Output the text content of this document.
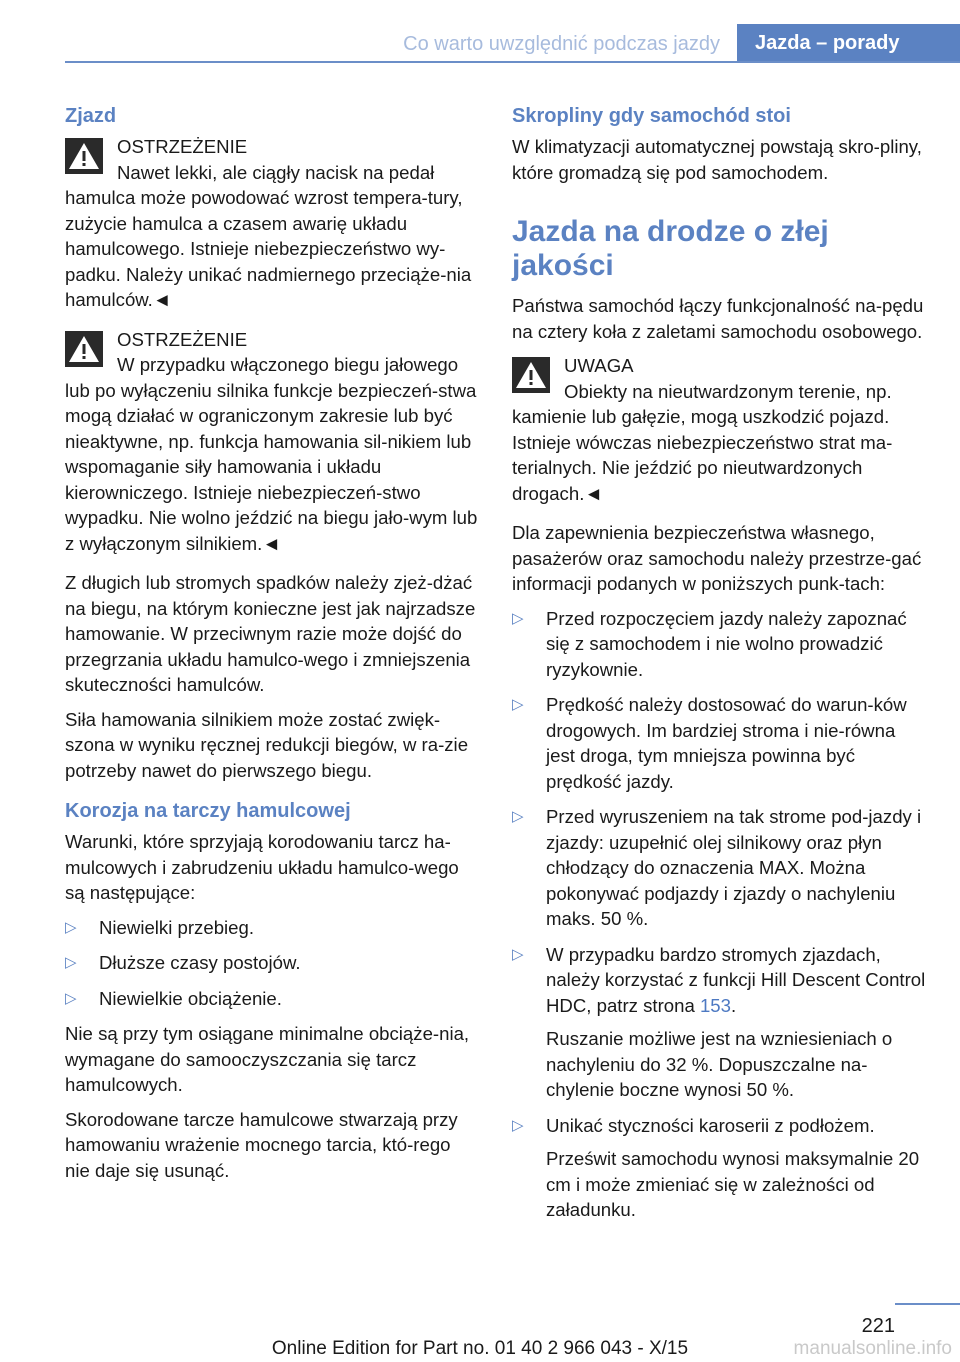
Co warto uwzględnić podczas jazdy	Jazda – porady
Zjazd
OSTRZEŻENIE
Nawet lekki, ale ciągły nacisk na pedał hamulca może powodować wzrost tempera-tury, zużycie hamulca a czasem awarię układu hamulcowego. Istnieje niebezpieczeństwo wy-padku. Należy unikać nadmiernego przeciąże-nia hamulców.◄
OSTRZEŻENIE
W przypadku włączonego biegu jałowego lub po wyłączeniu silnika funkcje bezpieczeń-stwa mogą działać w ograniczonym zakresie lub być nieaktywne, np. funkcja hamowania sil-nikiem lub wspomaganie siły hamowania i układu kierowniczego. Istnieje niebezpieczeń-stwo wypadku. Nie wolno jeździć na biegu jało-wym lub z wyłączonym silnikiem.◄

Z długich lub stromych spadków należy zjeż-dżać na biegu, na którym konieczne jest jak najrzadsze hamowanie. W przeciwnym razie może dojść do przegrzania układu hamulco-wego i zmniejszenia skuteczności hamulców.

Siła hamowania silnikiem może zostać zwięk-szona w wyniku ręcznej redukcji biegów, w ra-zie potrzeby nawet do pierwszego biegu.

Korozja na tarczy hamulcowej

Warunki, które sprzyjają korodowaniu tarcz ha-mulcowych i zabrudzeniu układu hamulco-wego są następujące:

▷ Niewielki przebieg.
▷ Dłuższe czasy postojów.
▷ Niewielkie obciążenie.

Nie są przy tym osiągane minimalne obciąże-nia, wymagane do samooczyszczania się tarcz hamulcowych.

Skorodowane tarcze hamulcowe stwarzają przy hamowaniu wrażenie mocnego tarcia, któ-rego nie daje się usunąć.

Skropliny gdy samochód stoi

W klimatyzacji automatycznej powstają skro-pliny, które gromadzą się pod samochodem.

Jazda na drodze o złej jakości

Państwa samochód łączy funkcjonalność na-pędu na cztery koła z zaletami samochodu osobowego.

UWAGA
Obiekty na nieutwardzonym terenie, np. kamienie lub gałęzie, mogą uszkodzić pojazd. Istnieje wówczas niebezpieczeństwo strat ma-terialnych. Nie jeździć po nieutwardzonych drogach.◄

Dla zapewnienia bezpieczeństwa własnego, pasażerów oraz samochodu należy przestrze-gać informacji podanych w poniższych punk-tach:

▷ Przed rozpoczęciem jazdy należy zapoznać się z samochodem i nie wolno prowadzić ryzykownie.
▷ Prędkość należy dostosować do warun-ków drogowych. Im bardziej stroma i nie-równa jest droga, tym mniejsza powinna być prędkość jazdy.
▷ Przed wyruszeniem na tak strome pod-jazdy i zjazdy: uzupełnić olej silnikowy oraz płyn chłodzący do oznaczenia MAX. Można pokonywać podjazdy i zjazdy o nachyleniu maks. 50 %.
▷ W przypadku bardzo stromych zjazdach, należy korzystać z funkcji Hill Descent Control HDC, patrz strona 153.
Ruszanie możliwe jest na wzniesieniach o nachyleniu do 32 %. Dopuszczalne na-chylenie boczne wynosi 50 %.
▷ Unikać styczności karoserii z podłożem.
Prześwit samochodu wynosi maksymalnie 20 cm i może zmieniać się w zależności od załadunku.
221
Online Edition for Part no. 01 40 2 966 043 - X/15	manualsonline.info
